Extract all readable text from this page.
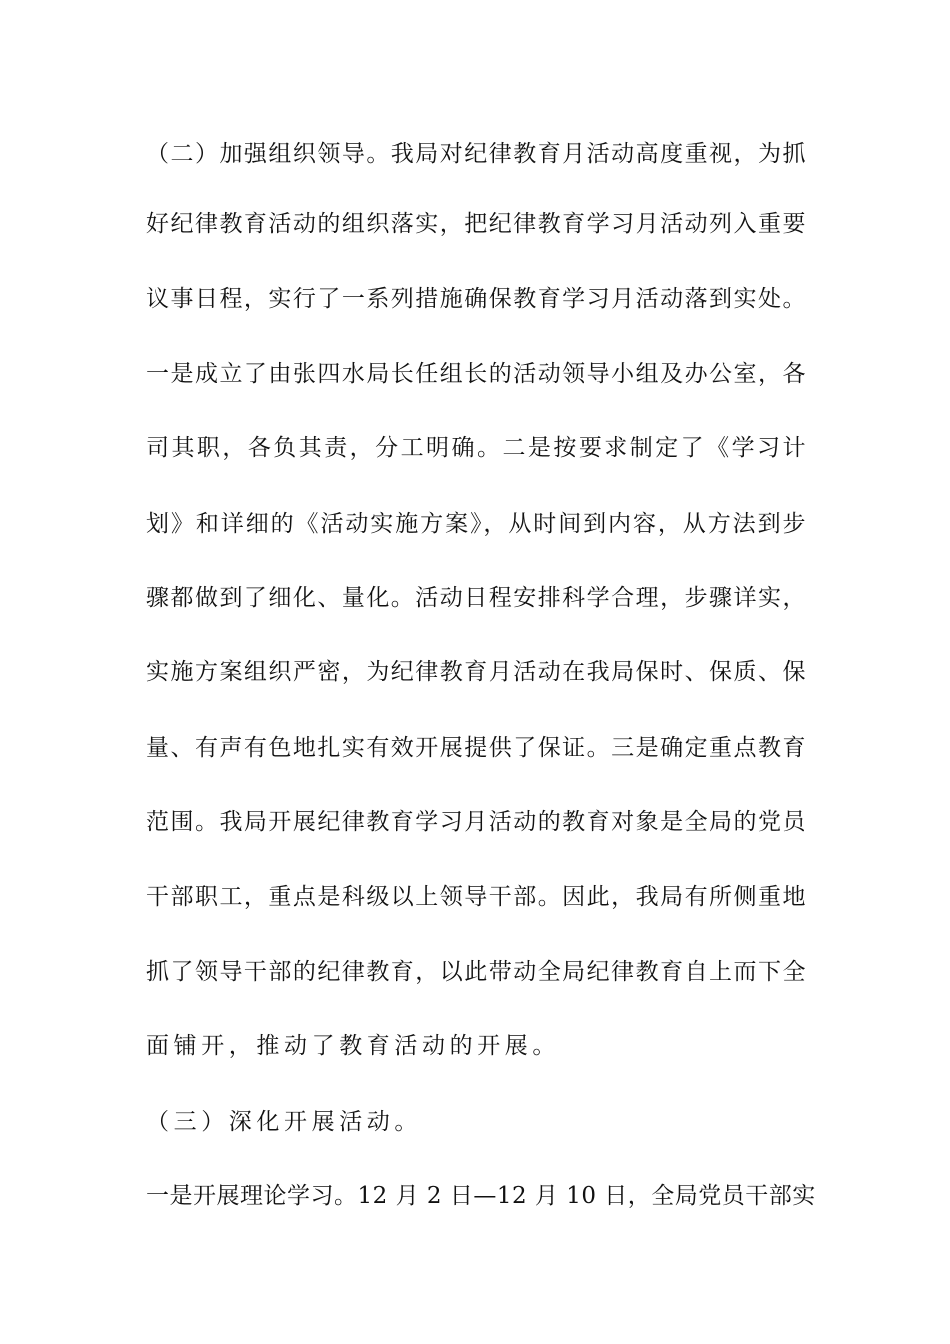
（二）加强组织领导。我局对纪律教育月活动高度重视，为抓
好纪律教育活动的组织落实，把纪律教育学习月活动列入重要
议事日程，实行了一系列措施确保教育学习月活动落到实处。
一是成立了由张四水局长任组长的活动领导小组及办公室，各
司其职，各负其责，分工明确。二是按要求制定了《学习计
划》和详细的《活动实施方案》，从时间到内容，从方法到步
骤都做到了细化、量化。活动日程安排科学合理，步骤详实，
实施方案组织严密，为纪律教育月活动在我局保时、保质、保
量、有声有色地扎实有效开展提供了保证。三是确定重点教育
范围。我局开展纪律教育学习月活动的教育对象是全局的党员
干部职工，重点是科级以上领导干部。因此，我局有所侧重地
抓了领导干部的纪律教育，以此带动全局纪律教育自上而下全
面铺开，推动了教育活动的开展。
（三）深化开展活动。
一是开展理论学习。12 月 2 日—12 月 10 日，全局党员干部实
